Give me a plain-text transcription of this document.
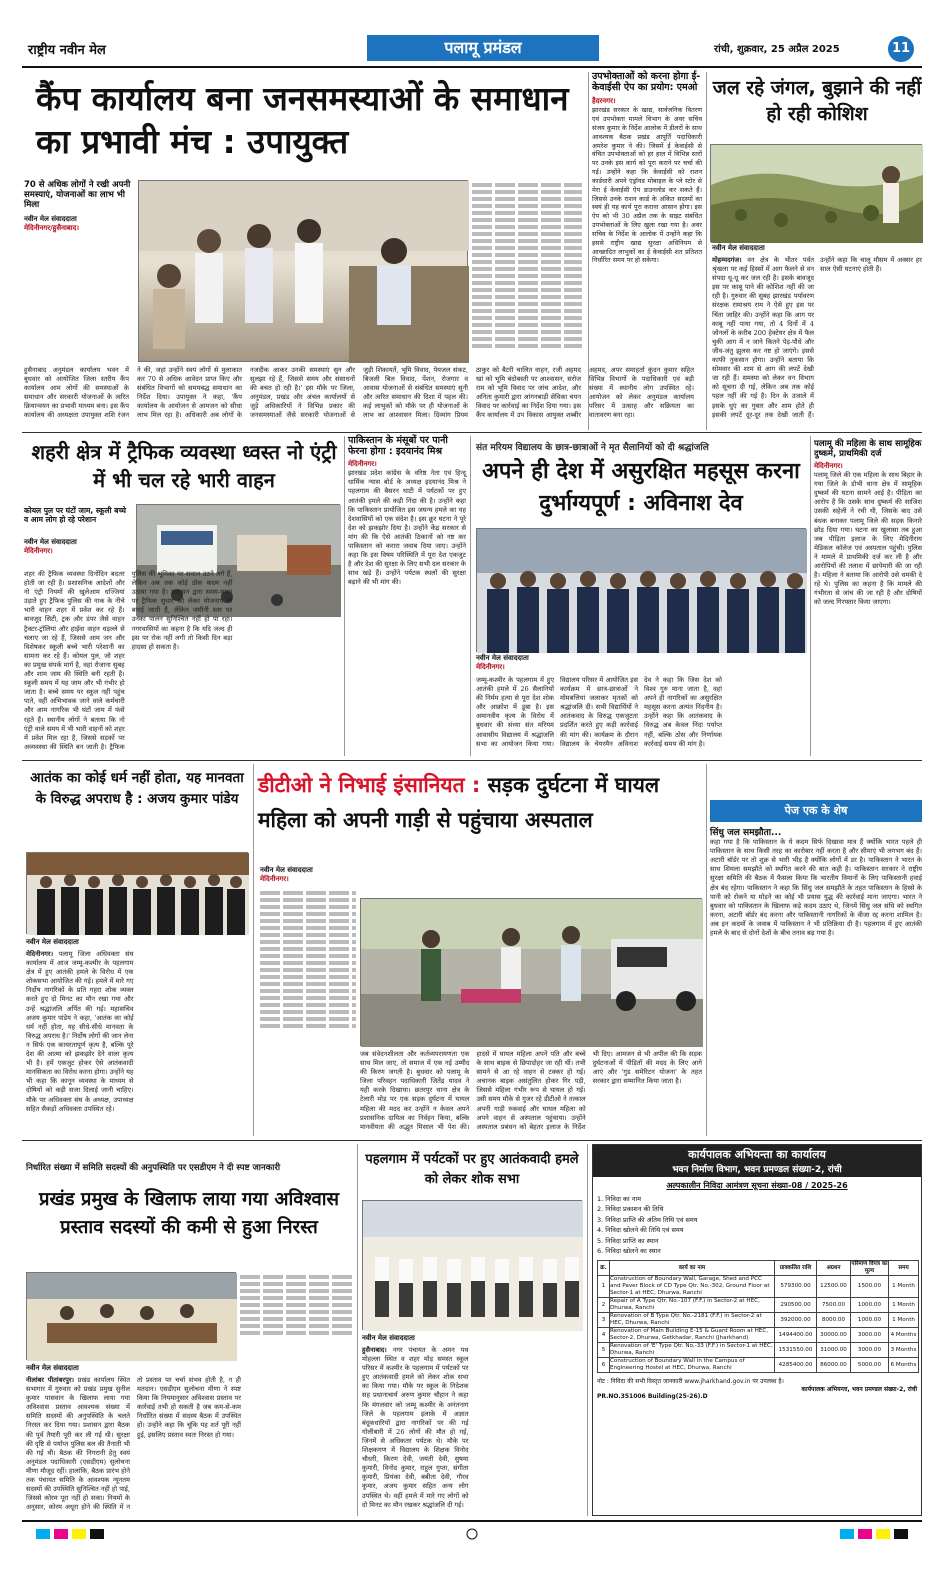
राष्ट्रीय नवीन मेल	पलामू प्रमंडल	रांची, शुक्रवार, 25 अप्रैल 2025	11
कैंप कार्यालय बना जनसमस्याओं के समाधान का प्रभावी मंच : उपायुक्त
70 से अधिक लोगों ने रखी अपनी समस्याएं, योजनाओं का लाभ भी मिला
नवीन मेल संवाददाता
मेदिनीनगर/हुसैनाबाद।
हुसैनाबाद अनुमंडल कार्यालय भवन में बुधवार को आयोजित जिला स्तरीय कैंप कार्यालय आम लोगों की समस्याओं के समाधान और सरकारी योजनाओं के त्वरित क्रियान्वयन का प्रभावी माध्यम बना। इस कैंप कार्यालय की अध्यक्षता उपायुक्त शशि रंजन ने की, जहां उन्होंने स्वयं लोगों से मुलाकात कर 70 से अधिक आवेदन प्राप्त किए और संबंधित विभागों को समयबद्ध समाधान का निर्देश दिया। उपायुक्त ने कहा, 'कैंप कार्यालय के आयोजन से आमजन को सीधा लाभ मिल रहा है। अधिकारी अब लोगों के नजदीक आकर उनकी समस्याएं सुन और सुलझा रहे हैं, जिससे समय और संसाधनों की बचत हो रही है।' इस मौके पर जिला, अनुमंडल, प्रखंड और अंचल कार्यालयों से जुड़े अधिकारियों ने विभिन्न प्रकार की जनसमस्याओं जैसे सरकारी योजनाओं से जुड़ी शिकायतें, भूमि विवाद, पेयजल संकट, बिजली बिल विवाद, पेंशन, रोजगार व आवास योजनाओं से संबंधित समस्याएं सुनी और त्वरित समाधान की दिशा में पहल की। कई लाभुकों को मौके पर ही योजनाओं के लाभ का आश्वासन मिला। दिव्यांग प्रियम ठाकुर को बैटरी चालित वाहन, रजी अहमद खां को भूमि बंदोबस्ती पर आश्वासन, सरोज राम को भूमि विवाद पर जांच आदेश, और अनिता कुमारी द्वारा आंगनबाड़ी सेविका चयन विवाद पर कार्रवाई का निर्देश दिया गया। इस कैंप कार्यालय में उप विकास आयुक्त शब्बीर अहमद, अपर समाहर्ता कुंदन कुमार सहित विभिन्न विभागों के पदाधिकारी एवं बड़ी संख्या में स्थानीय लोग उपस्थित रहे। आयोजन को लेकर अनुमंडल कार्यालय परिसर में उत्साह और सक्रियता का वातावरण बना रहा।
उपभोक्ताओं को करना होगा ई- केवाईसी ऐप का प्रयोग: एमओ
हैदरनगर।
झारखंड सरकार के खाद्य, सार्वजनिक वितरण एवं उपभोक्ता मामले विभाग के अवर सचिव संजय कुमार के निर्देश आलोक में डीलरों के साथ आवश्यक बैठक प्रखंड आपूर्ति पदाधिकारी अमरेश कुमार ने की। जिसमें ई केवाईसी से वंचित उपभोक्ताओं को हर हाल में विभिन्न स्तरों पर उनके इस कार्य को पूरा कराने पर चर्चा की गई। उन्होंने कहा कि केवाईसी को राशन कार्डधारी अपने एंड्रॉयड मोबाइल के प्ले स्टोर से मेरा ई केवाईसी ऐप डाउनलोड कर सकते हैं। जिससे उनके राशन कार्ड के अंकित सदस्यों का स्वयं ही यह कार्य पूरा कराना आसान होगा। इस ऐप को भी 30 अप्रैल तक के साइट संबंधित उपभोक्ताओं के लिए खुला रखा गया है। अवर सचिव के निर्देश के आलोक में उन्होंने कहा कि इससे राष्ट्रीय खाद्य सुरक्षा अधिनियम से आच्छादित लाभुकों का ई केवाईसी शत प्रतिशत निर्धारित समय पर हो सकेगा।
जल रहे जंगल, बुझाने की नहीं हो रही कोशिश
नवीन मेल संवाददाता
मोहम्मदगंज। वन क्षेत्र के भीतर पर्वत श्रृंखला पर कई हिस्सों में आग फैलने से वन संपदा धू-धू कर जल रही है। इसके बावजूद इस पर काबू पाने की कोशिश नहीं की जा रही है। गुरुवार की सुबह झारखंड पर्यावरण संरक्षक रामाश्रय राम ने ऐसे हुए इस पर चिंता जाहिर की। उन्होंने कहा कि आग पर काबू नहीं पाया गया, तो 4 दिनों में 4 जोनलों के करीब 200 हेक्टेयर क्षेत्र में फैल चुकी आग में न जाने कितने पेड़-पौधे और जीव-जंतु झुलस कर नष्ट हो जाएंगे। इससे काफी नुकसान होगा। उन्होंने बताया कि सोमवार की शाम से आग की लपटें देखी जा रही हैं। समस्या को लेकर वन विभाग को सूचना दी गई, लेकिन अब तक कोई पहल नहीं की गई है। दिन के उजाले में इसके धुएं का गुबार और शाम होते ही इसकी लपटें दूर-दूर तक देखी जाती हैं। उन्होंने कहा कि चालू मौसम में अक्सर हर साल ऐसी घटनाएं होती हैं।
शहरी क्षेत्र में ट्रैफिक व्यवस्था ध्वस्त नो एंट्री में भी चल रहे भारी वाहन
कोयल पुल पर घंटों जाम, स्कूली बच्चे व आम लोग हो रहे परेशान
नवीन मेल संवाददाता
मेदिनीनगर।
शहर की ट्रैफिक व्यवस्था दिनोंदिन बदतर होती जा रही है। प्रशासनिक आदेशों और नो एंट्री नियमों की खुलेआम धज्जियां उड़ाते हुए ट्रैफिक पुलिस की नाक के नीचे भारी वाहन शहर में प्रवेश कर रहे हैं। बावजूद सिटी, ट्रक और डंपर जैसे वाहन ट्रैक्टर-ट्रॉलियां और हाईवा वाहन धड़ल्ले से चलाए जा रहे हैं, जिससे आम जन और विशेषकर स्कूली बच्चे भारी परेशानी का सामना कर रहे हैं। कोयल पुल, जो शहर का प्रमुख संपर्क मार्ग है, वहां रोजाना सुबह और शाम जाम की स्थिति बनी रहती है। स्कूली समय में यह जाम और भी गंभीर हो जाता है। बच्चे समय पर स्कूल नहीं पहुंच पाते, वहीं अभिभावक जाने वाले कर्मचारी और आम नागरिक भी घंटों जाम में फंसे रहते हैं। स्थानीय लोगों ने बताया कि नो एंट्री वाले समय में भी भारी वाहनों को शहर में प्रवेश मिल रहा है, जिससे सड़कों पर अव्यवस्था की स्थिति बन जाती है। ट्रैफिक पुलिस की भूमिका पर सवाल उठने लगे हैं, लेकिन अब तक कोई ठोस कदम नहीं उठाया गया है। प्रशासन द्वारा समय-समय पर ट्रैफिक सुधार को लेकर योजनाएं तो बनाई जाती हैं, लेकिन जमीनी स्तर पर उनका पालन सुनिश्चित नहीं हो पा रहा। नगरवासियों का कहना है कि यदि जल्द ही इस पर रोक नहीं लगी तो किसी दिन बड़ा हादसा हो सकता है।
पाकिस्तान के मंसूबों पर पानी फेरना होगा : इदयानंद मिश्र
मेदिनीनगर।
झारखंड प्रदेश कांग्रेस के वरिष्ठ नेता एवं हिन्दू धार्मिक न्यास बोर्ड के अध्यक्ष इदयानंद मिश्र ने पहलगाम की बैसरन घाटी में पर्यटकों पर हुए आतंकी हमले की कड़ी निंदा की है। उन्होंने कहा कि पाकिस्तान प्रायोजित इस जघन्य हमले का यह देशवासियों को एक संदेश है। इस क्रूर घटना ने पूरे देश को झकझोर दिया है। उन्होंने केंद्र सरकार से मांग की कि ऐसे आतंकी ठिकानों को नष्ट कर पाकिस्तान को करारा जवाब दिया जाए। उन्होंने कहा कि इस विषम परिस्थिति में पूरा देश एकजुट है और देश की सुरक्षा के लिए सभी दल सरकार के साथ खड़े हैं। उन्होंने पर्यटक स्थलों की सुरक्षा बढ़ाने की भी मांग की।
संत मरियम विद्यालय के छात्र-छात्राओं ने मृत सैलानियों को दी श्रद्धांजलि
अपने ही देश में असुरक्षित महसूस करना दुर्भाग्यपूर्ण : अविनाश देव
नवीन मेल संवाददाता
मेदिनीनगर।
जम्मू-कश्मीर के पहलगाम में हुए आतंकी हमले में 26 सैलानियों की निर्मम हत्या से पूरा देश शोक और आक्रोश में डूबा है। इस अमानवीय कृत्य के विरोध में बुधवार की संध्या संत मरियम आवासीय विद्यालय में श्रद्धांजलि सभा का आयोजन किया गया। विद्यालय परिसर में आयोजित इस कार्यक्रम में छात्र-छात्राओं ने मोमबत्तियां जलाकर मृतकों को श्रद्धांजलि दी। सभी विद्यार्थियों ने आतंकवाद के विरुद्ध एकजुटता प्रदर्शित करते हुए कड़ी कार्रवाई की मांग की। कार्यक्रम के दौरान विद्यालय के चेयरमैन अविनाश देव ने कहा कि जिस देश को विश्व गुरु माना जाता है, वहां अपने ही नागरिकों का असुरक्षित महसूस करना अत्यंत निंदनीय है। उन्होंने कहा कि आतंकवाद के विरुद्ध अब केवल निंदा पर्याप्त नहीं, बल्कि ठोस और निर्णायक कार्रवाई समय की मांग है।
पलामू की महिला के साथ सामूहिक दुष्कर्म, प्राथमिकी दर्ज
मेदिनीनगर।
पलामू जिले की एक महिला के साथ बिहार के गया जिले के डोभी थाना क्षेत्र में सामूहिक दुष्कर्म की घटना सामने आई है। पीड़िता का आरोप है कि उसके साथ दुष्कर्म की साजिश उसकी सहेली ने रची थी, जिसके बाद उसे बंधक बनाकर पलामू जिले की सड़क किनारे छोड़ दिया गया। घटना का खुलासा तब हुआ जब पीड़िता इलाज के लिए मेदिनीराय मेडिकल कॉलेज एवं अस्पताल पहुंची। पुलिस ने मामले में प्राथमिकी दर्ज कर ली है और आरोपियों की तलाश में छापेमारी की जा रही है। महिला ने बताया कि आरोपी उसे धमकी दे रहे थे। पुलिस का कहना है कि मामले की गंभीरता से जांच की जा रही है और दोषियों को जल्द गिरफ्तार किया जाएगा।
आतंक का कोई धर्म नहीं होता, यह मानवता के विरुद्ध अपराध है : अजय कुमार पांडेय
नवीन मेल संवाददाता
मेदिनीनगर। पलामू जिला अधिवक्ता संघ कार्यालय में आज जम्मू-कश्मीर के पहलगाम क्षेत्र में हुए आतंकी हमले के विरोध में एक शोकसभा आयोजित की गई। हमले में मारे गए निर्दोष नागरिकों के प्रति गहरा शोक व्यक्त करते हुए दो मिनट का मौन रखा गया और उन्हें श्रद्धांजलि अर्पित की गई। महासचिव अजय कुमार पांडेय ने कहा, 'आतंक का कोई धर्म नहीं होता, यह सीधे-सीधे मानवता के विरुद्ध अपराध है।' निर्दोष लोगों की जान लेना न सिर्फ एक कायरतापूर्ण कृत्य है, बल्कि पूरे देश की आत्मा को झकझोर देने वाला कृत्य भी है। हमें एकजुट होकर ऐसे आतंकवादी मानसिकता का विरोध करना होगा। उन्होंने यह भी कहा कि कानून व्यवस्था के माध्यम से दोषियों को कड़ी सजा दिलाई जानी चाहिए। मौके पर अधिवक्ता संघ के अध्यक्ष, उपाध्यक्ष सहित सैकड़ों अधिवक्ता उपस्थित रहे।
डीटीओ ने निभाई इंसानियत : सड़क दुर्घटना में घायल महिला को अपनी गाड़ी से पहुंचाया अस्पताल
नवीन मेल संवाददाता
मेदिनीनगर।
जब संवेदनशीलता और कर्तव्यपरायणता एक साथ मिल जाए, तो समाज में एक नई उम्मीद की किरण जगती है। बुधवार को पलामू के जिला परिवहन पदाधिकारी जितेंद्र यादव ने यही करके दिखाया। छतरपुर थाना क्षेत्र के टेलारी मोड़ पर एक सड़क दुर्घटना में घायल महिला की मदद कर उन्होंने न केवल अपने प्रशासनिक दायित्व का निर्वहन किया, बल्कि मानवीयता की अद्भुत मिसाल भी पेश की। हादसे में घायल महिला अपने पति और बच्चे के साथ बाइक से छिपादोहर जा रही थीं। तभी सामने से आ रहे वाहन से टक्कर हो गई। अचानक बाइक असंतुलित होकर गिर पड़ी, जिससे महिला गंभीर रूप से घायल हो गई। उसी समय मौके से गुजर रहे डीटीओ ने तत्काल अपनी गाड़ी रुकवाई और घायल महिला को अपने वाहन से अस्पताल पहुंचाया। उन्होंने अस्पताल प्रबंधन को बेहतर इलाज के निर्देश भी दिए। आमजन से भी अपील की कि सड़क दुर्घटनाओं में पीड़ितों की मदद के लिए आगे आएं और 'गुड समेरिटन योजना' के तहत सरकार द्वारा सम्मानित किया जाता है।
पेज एक के शेष
सिंधु जल समझौता...
कहा गया है कि पाकिस्तान के ये कदम सिर्फ दिखावा मात्र हैं क्योंकि भारत पहले ही पाकिस्तान के साथ किसी तरह का कारोबार नहीं करता है और सीमाएं भी लगभग बंद हैं। अटारी बॉर्डर पर तो शुक्र से भारी भीड़ है क्योंकि लोगों में डर है। पाकिस्तान ने भारत के साथ शिमला समझौते को स्थगित करने की बात कही है। पाकिस्तान सरकार ने राष्ट्रीय सुरक्षा समिति की बैठक में फैसला किया कि भारतीय विमानों के लिए पाकिस्तानी हवाई क्षेत्र बंद रहेगा। पाकिस्तान ने कहा कि सिंधु जल समझौते के तहत पाकिस्तान के हिस्से के पानी को रोकने या मोड़ने का कोई भी प्रयास युद्ध की कार्रवाई माना जाएगा। भारत ने बुधवार को पाकिस्तान के खिलाफ कड़े कदम उठाए थे, जिनमें सिंधु जल संधि को स्थगित करना, अटारी बॉर्डर बंद करना और पाकिस्तानी नागरिकों के वीजा रद्द करना शामिल है। अब इन कदमों के जवाब में पाकिस्तान ने भी प्रतिक्रिया दी है। पहलगाम में हुए आतंकी हमले के बाद से दोनों देशों के बीच तनाव बढ़ गया है।
निर्धारित संख्या में समिति सदस्यों की अनुपस्थिति पर एसडीएम ने दी स्पष्ट जानकारी
प्रखंड प्रमुख के खिलाफ लाया गया अविश्वास प्रस्ताव सदस्यों की कमी से हुआ निरस्त
नवीन मेल संवाददाता
नीलांबर पीतांबरपुर। प्रखंड कार्यालय स्थित सभागार में गुरुवार को प्रखंड प्रमुख सुनील कुमार पासवान के खिलाफ लाया गया अविश्वास प्रस्ताव आवश्यक संख्या में समिति सदस्यों की अनुपस्थिति के चलते निरस्त कर दिया गया। प्रशासन द्वारा बैठक की पूर्व तैयारी पूरी कर ली गई थी। सुरक्षा की दृष्टि से पर्याप्त पुलिस बल की तैनाती भी की गई थी। बैठक की निगरानी हेतु स्वयं अनुमंडल पदाधिकारी (एसडीएम) सुलोचना मीणा मौजूद रहीं। हालांकि, बैठक प्रारंभ होने तक पंचायत समिति के आवश्यक न्यूनतम सदस्यों की उपस्थिति सुनिश्चित नहीं हो पाई, जिससे कोरम पूरा नहीं हो सका। नियमों के अनुसार, कोरम अधूरा होने की स्थिति में न तो प्रस्ताव पर चर्चा संभव होती है, न ही मतदान। एसडीएम सुलोचना मीणा ने स्पष्ट किया कि नियमानुसार अविश्वास प्रस्ताव पर कार्रवाई तभी हो सकती है जब कम-से-कम निर्धारित संख्या में सदस्य बैठक में उपस्थित हों। उन्होंने कहा कि चूंकि यह शर्त पूरी नहीं हुई, इसलिए प्रस्ताव स्वतः निरस्त हो गया।
पहलगाम में पर्यटकों पर हुए आतंकवादी हमले को लेकर शोक सभा
नवीन मेल संवाददाता
हुसैनाबाद। नगर पंचायत के अमन पथ मोहल्ला स्थित व शहर मोड़ समस्त स्कूल परिसर में कश्मीर के पहलगाम में पर्यटकों पर हुए आतंकवादी हमले को लेकर शोक सभा का किया गया। मौके पर स्कूल के निदेशक सह प्रधानाचार्य अरुण कुमार चौहान ने कहा कि मंगलवार को जम्मू कश्मीर के अनंतनाग जिले के पहलगाम इलाके में अज्ञात बंदूकधारियों द्वारा नागरिकों पर की गई गोलीबारी में 26 लोगों की मौत हो गई, जिनमें से अधिकतर पर्यटक थे। मौके पर शिक्षकगण में विद्यालय के शिक्षक विनोद चौधरी, किरण देवी, जयंती देवी, सुषमा कुमारी, विनोद कुमार, राहुल गुप्ता, संगीता कुमारी, प्रियंका देवी, बबीता देवी, गौरव कुमार, अजय कुमार सहित अन्य लोग उपस्थित थे। वहीं हमले में मारे गए लोगों को दो मिनट का मौन रखकर श्रद्धांजलि दी गई।
कार्यपालक अभियन्ता का कार्यालय
भवन निर्माण विभाग, भवन प्रमण्डल संख्या-2, रांची
अल्पकालीन निविदा आमंत्रण सूचना संख्या-08 / 2025-26
1. निविदा का नाम
2. निविदा प्रकाशन की तिथि
3. निविदा प्राप्ति की अंतिम तिथि एवं समय
4. निविदा खोलने की तिथि एवं समय
5. निविदा प्राप्ति का स्थान
6. निविदा खोलने का स्थान
क्र.	कार्य का नाम	प्राक्कलित राशि	अग्रधन	परिमाण विपत्र का मूल्य	समय
1	Construction of Boundary Wall, Garage, Shed and PCC and Paver Block of CD Type Qtr. No.-302, Ground Floor at Sector-1 at HEC, Dhurwa, Ranchi	579300.00	12500.00	1500.00	1 Month
2	Repair of A Type Qtr. No.-107 (F.F.) in Sector-2 at HEC, Dhurwa, Ranchi	290500.00	7500.00	1000.00	1 Month
3	Renovation of B Type Qtr. No.-2181 (F.F.) in Sector-2 at HEC, Dhurwa, Ranchi	392000.00	8000.00	1000.00	1 Month
4	Renovation of Main Building E-15 & Guard Room at HEC, Sector-2, Dhurwa, Getkhadar, Ranchi (Jharkhand)	1494400.00	30000.00	3000.00	4 Months
5	Renovation of 'E' Type Qtr. No.-33 (F.F.) in Sector-1 at HEC, Dhurwa, Ranchi	1531550.00	31000.00	3000.00	3 Months
6	Construction of Boundary Wall in the Campus of Engineering Hostel at HEC, Dhurwa, Ranchi	4285400.00	86000.00	5000.00	6 Months
नोट : निविदा की सभी विस्तृत जानकारी www.jharkhand.gov.in पर उपलब्ध है।
कार्यपालक अभियन्ता, भवन प्रमण्डल संख्या-2, रांची
PR.NO.351006 Building(25-26).D
